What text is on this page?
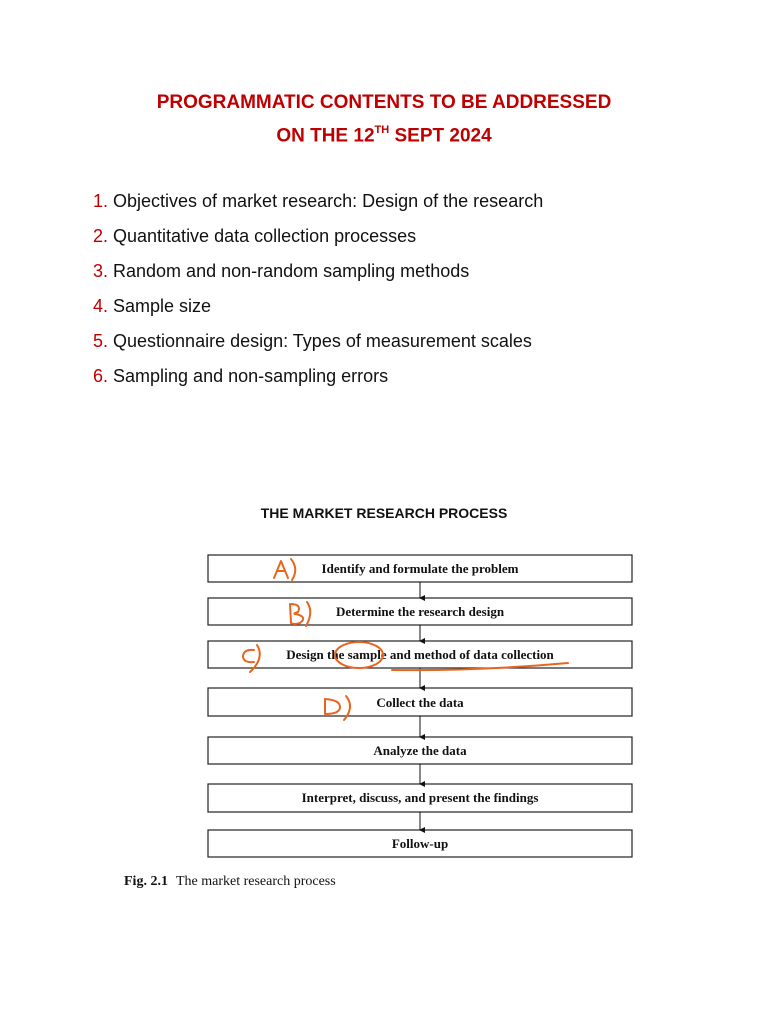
PROGRAMMATIC CONTENTS TO BE ADDRESSED
ON THE 12TH SEPT 2024
1. Objectives of market research: Design of the research
2. Quantitative data collection processes
3. Random and non-random sampling methods
4. Sample size
5. Questionnaire design: Types of measurement scales
6. Sampling and non-sampling errors
THE MARKET RESEARCH PROCESS
Identify and formulate the problem
Determine the research design
Design the sample and method of data collection
Collect the data
Analyze the data
Interpret, discuss, and present the findings
Follow-up
Fig. 2.1 The market research process
